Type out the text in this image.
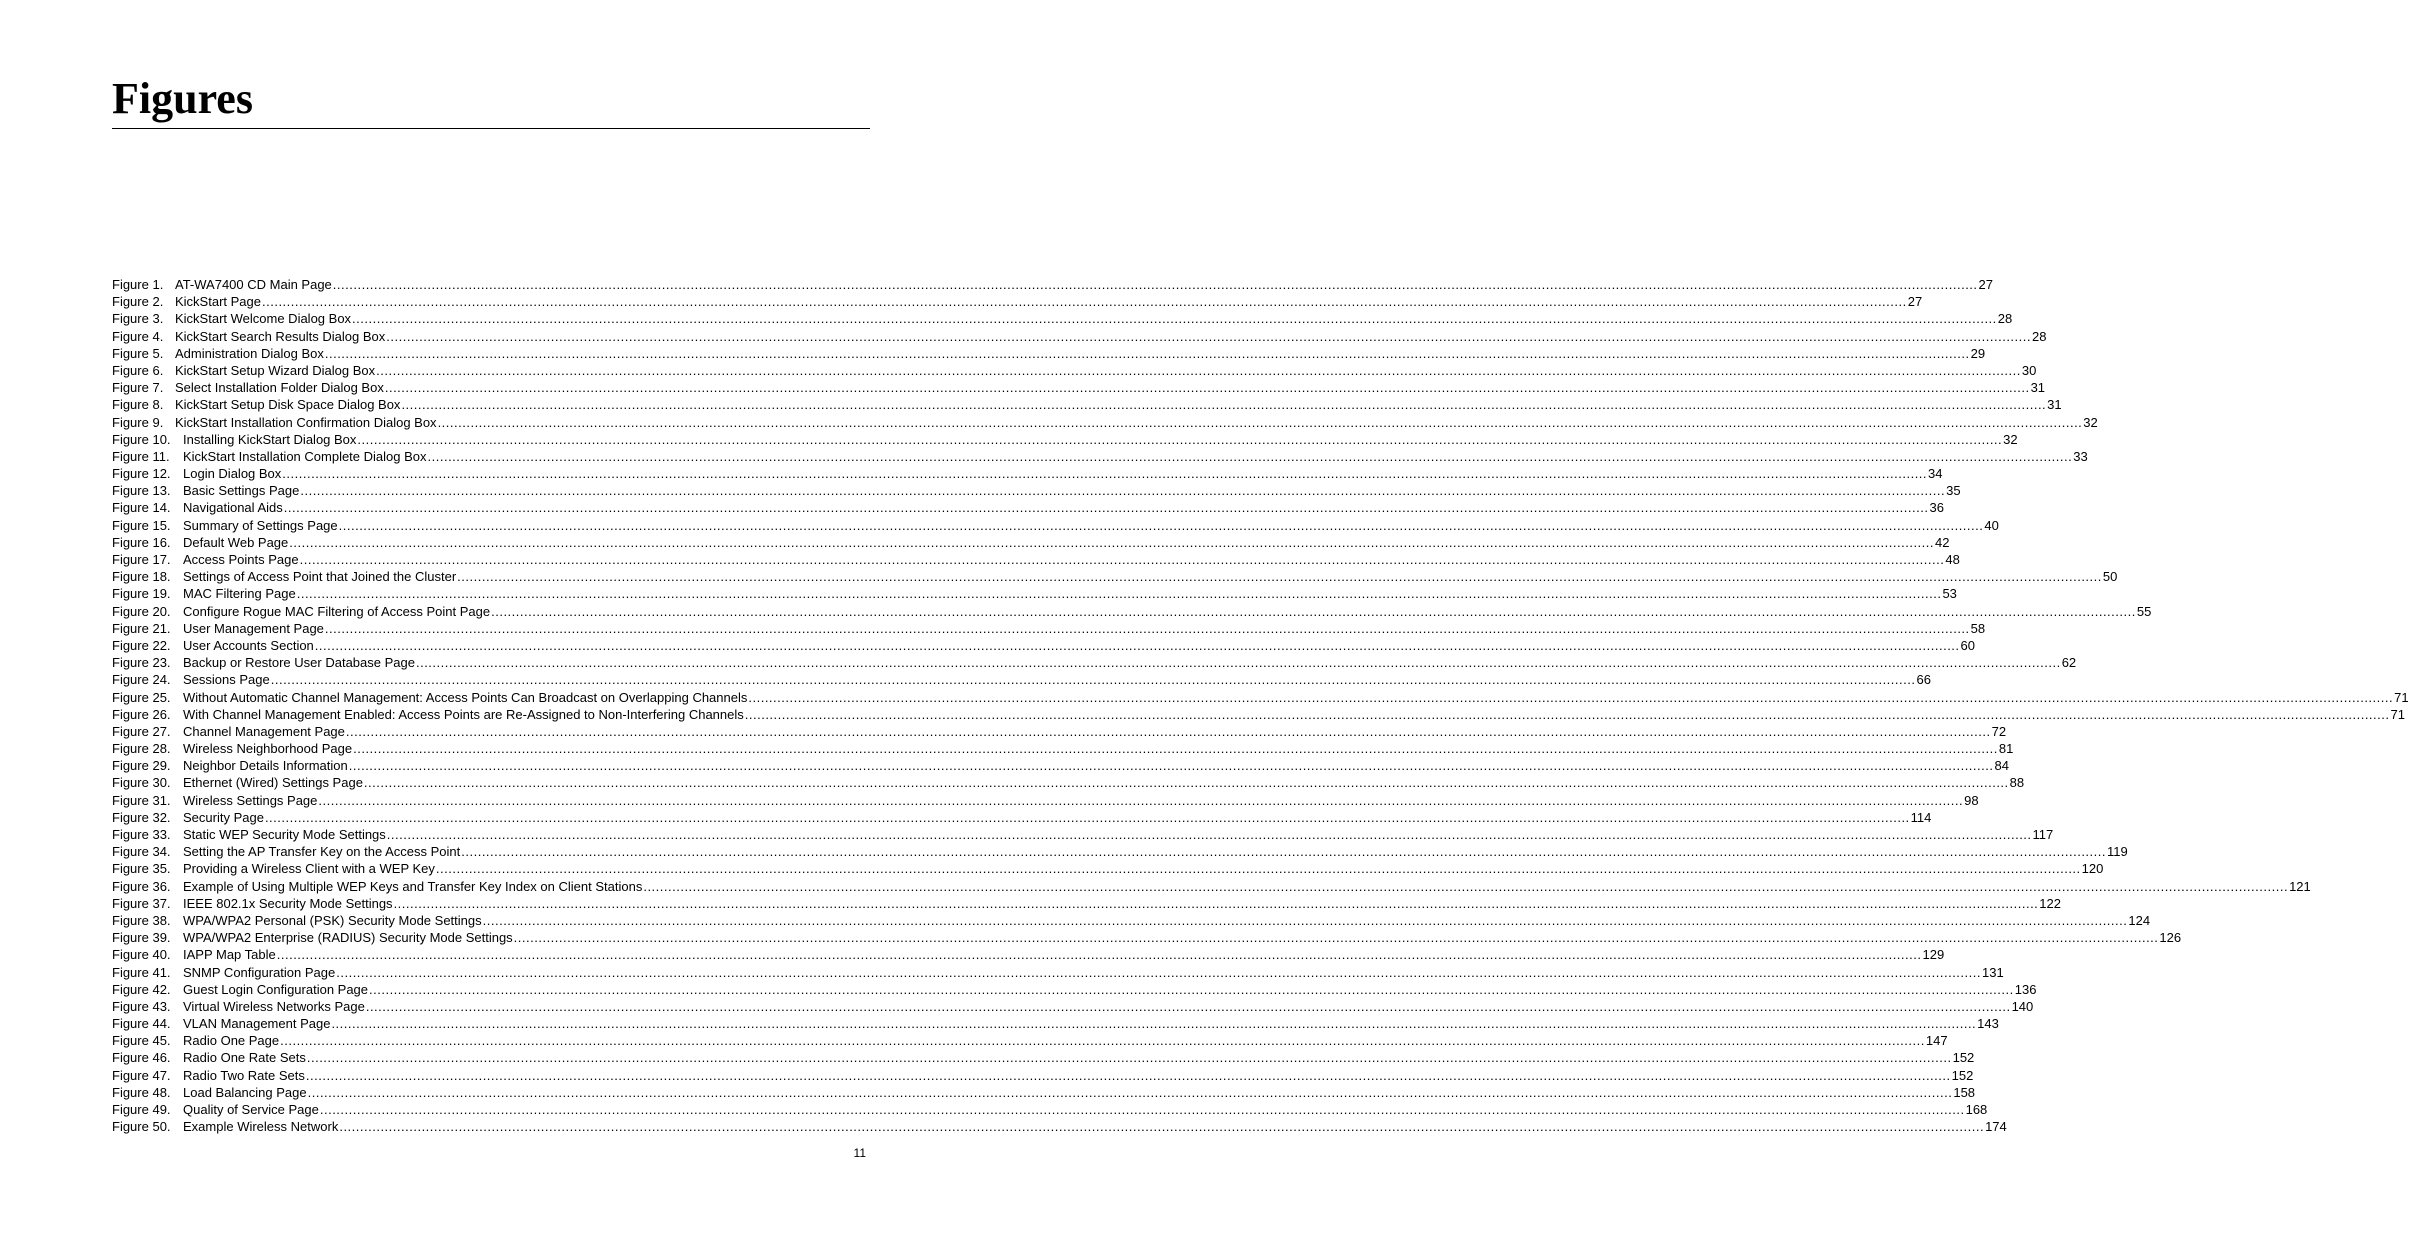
Figures
Figure 1. AT-WA7400 CD Main Page ................................................................................................................................................................................................................................................................................................................................................................................................................ 27
Figure 2. KickStart Page ................................................................................................................................................................................................................................................................................................................................................................................................................ 27
Figure 3. KickStart Welcome Dialog Box ................................................................................................................................................................................................................................................................................................................................................................................................................ 28
Figure 4. KickStart Search Results Dialog Box ................................................................................................................................................................................................................................................................................................................................................................................................................ 28
Figure 5. Administration Dialog Box ................................................................................................................................................................................................................................................................................................................................................................................................................ 29
Figure 6. KickStart Setup Wizard Dialog Box ................................................................................................................................................................................................................................................................................................................................................................................................................ 30
Figure 7. Select Installation Folder Dialog Box ................................................................................................................................................................................................................................................................................................................................................................................................................ 31
Figure 8. KickStart Setup Disk Space Dialog Box ................................................................................................................................................................................................................................................................................................................................................................................................................ 31
Figure 9. KickStart Installation Confirmation Dialog Box ................................................................................................................................................................................................................................................................................................................................................................................................................ 32
Figure 10. Installing KickStart Dialog Box ................................................................................................................................................................................................................................................................................................................................................................................................................ 32
Figure 11.	KickStart Installation Complete Dialog Box ................................................................................................................................................................................................................................................................................................................................................................................................................ 33
Figure 12. Login Dialog Box ................................................................................................................................................................................................................................................................................................................................................................................................................ 34
Figure 13. Basic Settings Page ................................................................................................................................................................................................................................................................................................................................................................................................................ 35
Figure 14. Navigational Aids ................................................................................................................................................................................................................................................................................................................................................................................................................ 36
Figure 15. Summary of Settings Page ................................................................................................................................................................................................................................................................................................................................................................................................................ 40
Figure 16. Default Web Page ................................................................................................................................................................................................................................................................................................................................................................................................................ 42
Figure 17. Access Points Page ................................................................................................................................................................................................................................................................................................................................................................................................................ 48
Figure 18. Settings of Access Point that Joined the Cluster ................................................................................................................................................................................................................................................................................................................................................................................................................ 50
Figure 19. MAC Filtering Page ................................................................................................................................................................................................................................................................................................................................................................................................................ 53
Figure 20. Configure Rogue MAC Filtering of Access Point Page ................................................................................................................................................................................................................................................................................................................................................................................................................ 55
Figure 21. User Management Page ................................................................................................................................................................................................................................................................................................................................................................................................................ 58
Figure 22. User Accounts Section ................................................................................................................................................................................................................................................................................................................................................................................................................ 60
Figure 23. Backup or Restore User Database Page ................................................................................................................................................................................................................................................................................................................................................................................................................ 62
Figure 24. Sessions Page ................................................................................................................................................................................................................................................................................................................................................................................................................ 66
Figure 25. Without Automatic Channel Management: Access Points Can Broadcast on Overlapping Channels ................................................................................................................................................................................................................................................................................................................................................................................................................ 71
Figure 26. With Channel Management Enabled: Access Points are Re-Assigned to Non-Interfering Channels ................................................................................................................................................................................................................................................................................................................................................................................................................ 71
Figure 27. Channel Management Page ................................................................................................................................................................................................................................................................................................................................................................................................................ 72
Figure 28. Wireless Neighborhood Page ................................................................................................................................................................................................................................................................................................................................................................................................................ 81
Figure 29. Neighbor Details Information ................................................................................................................................................................................................................................................................................................................................................................................................................ 84
Figure 30. Ethernet (Wired) Settings Page ................................................................................................................................................................................................................................................................................................................................................................................................................ 88
Figure 31. Wireless Settings Page ................................................................................................................................................................................................................................................................................................................................................................................................................ 98
Figure 32. Security Page ................................................................................................................................................................................................................................................................................................................................................................................................................ 114
Figure 33. Static WEP Security Mode Settings ................................................................................................................................................................................................................................................................................................................................................................................................................ 117
Figure 34. Setting the AP Transfer Key on the Access Point ................................................................................................................................................................................................................................................................................................................................................................................................................ 119
Figure 35. Providing a Wireless Client with a WEP Key ................................................................................................................................................................................................................................................................................................................................................................................................................ 120
Figure 36. Example of Using Multiple WEP Keys and Transfer Key Index on Client Stations ................................................................................................................................................................................................................................................................................................................................................................................................................ 121
Figure 37. IEEE 802.1x Security Mode Settings ................................................................................................................................................................................................................................................................................................................................................................................................................ 122
Figure 38. WPA/WPA2 Personal (PSK) Security Mode Settings ................................................................................................................................................................................................................................................................................................................................................................................................................ 124
Figure 39. WPA/WPA2 Enterprise (RADIUS) Security Mode Settings ................................................................................................................................................................................................................................................................................................................................................................................................................ 126
Figure 40. IAPP Map Table ................................................................................................................................................................................................................................................................................................................................................................................................................ 129
Figure 41. SNMP Configuration Page ................................................................................................................................................................................................................................................................................................................................................................................................................ 131
Figure 42. Guest Login Configuration Page ................................................................................................................................................................................................................................................................................................................................................................................................................ 136
Figure 43. Virtual Wireless Networks Page ................................................................................................................................................................................................................................................................................................................................................................................................................ 140
Figure 44. VLAN Management Page ................................................................................................................................................................................................................................................................................................................................................................................................................ 143
Figure 45. Radio One Page ................................................................................................................................................................................................................................................................................................................................................................................................................ 147
Figure 46. Radio One Rate Sets ................................................................................................................................................................................................................................................................................................................................................................................................................ 152
Figure 47. Radio Two Rate Sets ................................................................................................................................................................................................................................................................................................................................................................................................................ 152
Figure 48. Load Balancing Page ................................................................................................................................................................................................................................................................................................................................................................................................................ 158
Figure 49. Quality of Service Page ................................................................................................................................................................................................................................................................................................................................................................................................................ 168
Figure 50. Example Wireless Network ................................................................................................................................................................................................................................................................................................................................................................................................................ 174
11
